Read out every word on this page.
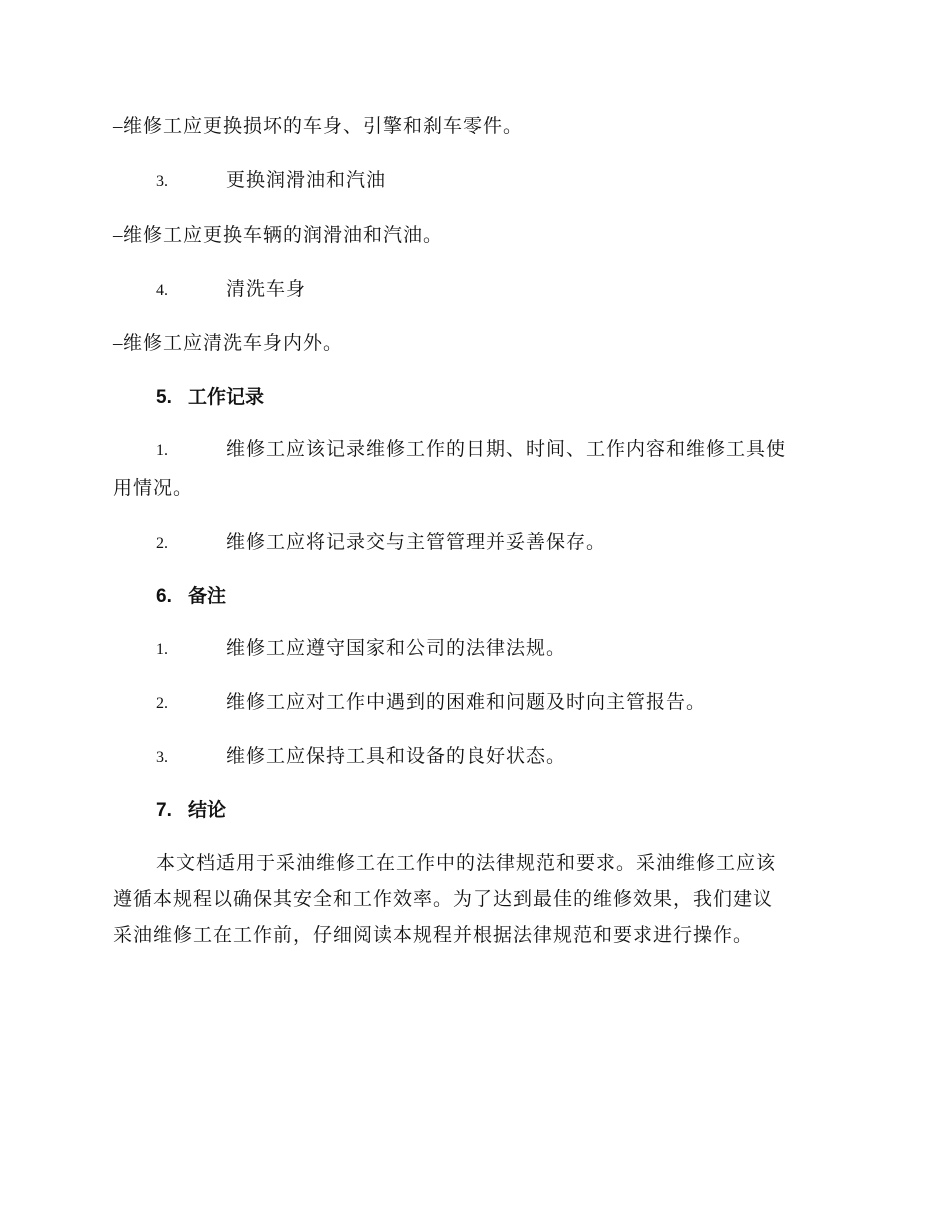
–维修工应更换损坏的车身、引擎和刹车零件。
3.	更换润滑油和汽油
–维修工应更换车辆的润滑油和汽油。
4.	清洗车身
–维修工应清洗车身内外。
5. 工作记录
1.	维修工应该记录维修工作的日期、时间、工作内容和维修工具使
用情况。
2.	维修工应将记录交与主管管理并妥善保存。
6. 备注
1.	维修工应遵守国家和公司的法律法规。
2.	维修工应对工作中遇到的困难和问题及时向主管报告。
3.	维修工应保持工具和设备的良好状态。
7. 结论
本文档适用于采油维修工在工作中的法律规范和要求。采油维修工应该
遵循本规程以确保其安全和工作效率。为了达到最佳的维修效果，我们建议
采油维修工在工作前，仔细阅读本规程并根据法律规范和要求进行操作。
